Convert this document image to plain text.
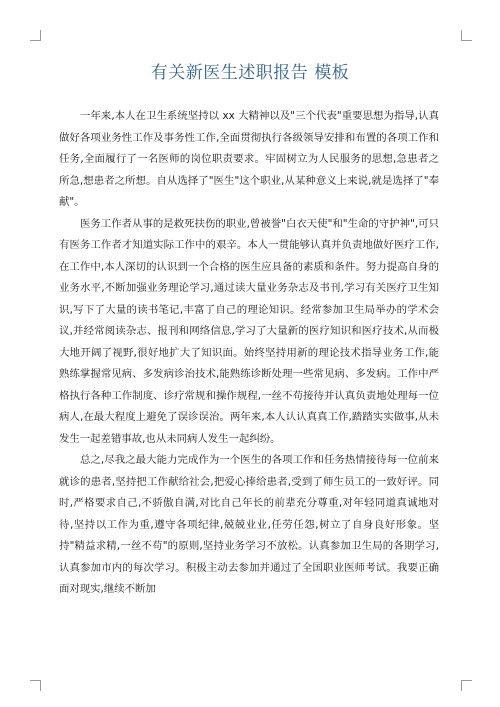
有关新医生述职报告 模板

一年来,本人在卫生系统坚持以 xx 大精神以及"三个代表"重要思想为指导,认真做好各项业务性工作及事务性工作,全面贯彻执行各级领导安排和布置的各项工作和任务,全面履行了一名医师的岗位职责要求。牢固树立为人民服务的思想,急患者之所急,想患者之所想。自从选择了"医生"这个职业,从某种意义上来说,就是选择了"奉献"。

医务工作者从事的是救死扶伤的职业,曾被誉"白衣天使"和"生命的守护神",可只有医务工作者才知道实际工作中的艰辛。本人一贯能够认真并负责地做好医疗工作,在工作中,本人深切的认识到一个合格的医生应具备的素质和条件。努力提高自身的业务水平,不断加强业务理论学习,通过读大量业务杂志及书刊,学习有关医疗卫生知识,写下了大量的读书笔记,丰富了自己的理论知识。经常参加卫生局举办的学术会议,并经常阅读杂志、报刊和网络信息,学习了大量新的医疗知识和医疗技术,从而极大地开阔了视野,很好地扩大了知识面。始终坚持用新的理论技术指导业务工作,能熟练掌握常见病、多发病诊治技术,能熟练诊断处理一些常见病、多发病。工作中严格执行各种工作制度、诊疗常规和操作规程,一丝不苟接待并认真负责地处理每一位病人,在最大程度上避免了误诊误治。两年来,本人认认真真工作,踏踏实实做事,从未发生一起差错事故,也从未同病人发生一起纠纷。

总之,尽我之最大能力完成作为一个医生的各项工作和任务热情接待每一位前来就诊的患者,坚持把工作献给社会,把爱心捧给患者,受到了师生员工的一致好评。同时,严格要求自己,不骄傲自满,对比自己年长的前辈充分尊重,对年轻同道真诚地对待,坚持以工作为重,遵守各项纪律,兢兢业业,任劳任怨,树立了自身良好形象。坚持"精益求精,一丝不苟"的原则,坚持业务学习不放松。认真参加卫生局的各期学习,认真参加市内的每次学习。积极主动去参加并通过了全国职业医师考试。我要正确面对现实,继续不断加
